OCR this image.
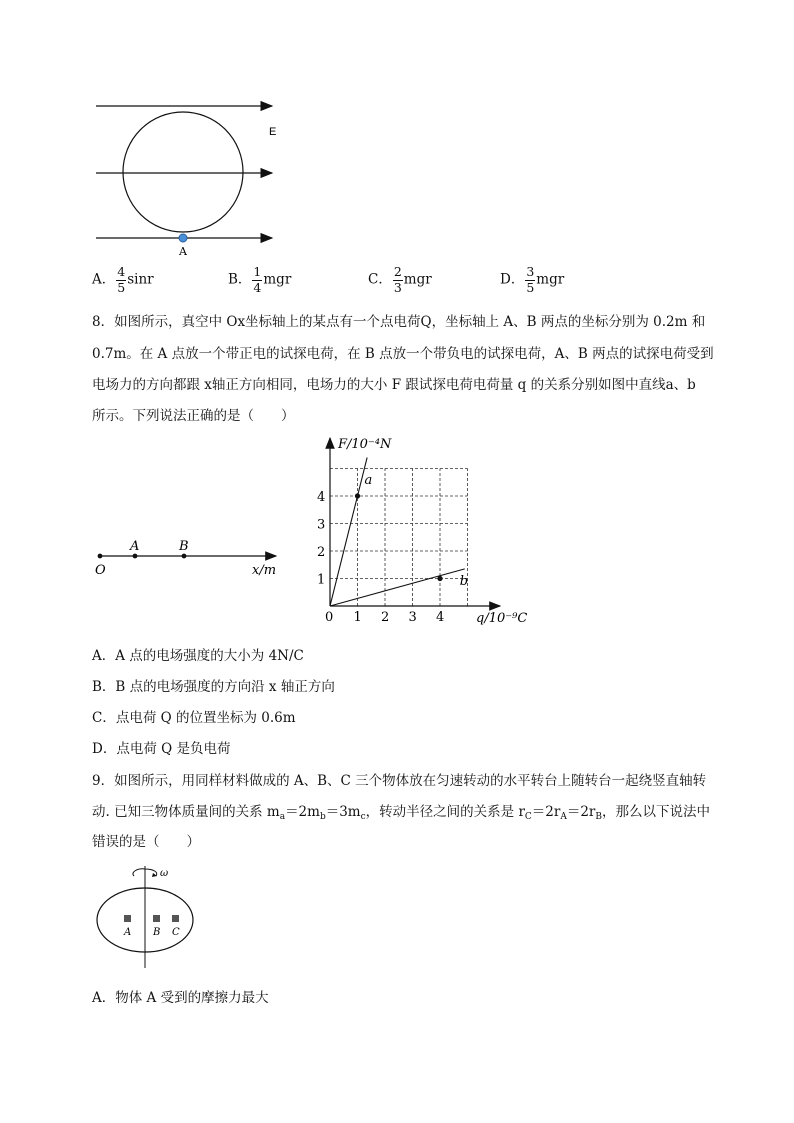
E
A
A． $\frac{4}{5}$ sinr	B． $\frac{1}{4}$ mgr	C． $\frac{2}{3}$ mgr	D． $\frac{3}{5}$ mgr
8．如图所示，真空中 Ox坐标轴上的某点有一个点电荷Q，坐标轴上 A、B 两点的坐标分别为 0.2m 和
0.7m。在 A 点放一个带正电的试探电荷，在 B 点放一个带负电的试探电荷，A、B 两点的试探电荷受到
电场力的方向都跟 x轴正方向相同，电场力的大小 F 跟试探电荷电荷量 q 的关系分别如图中直线a、b
所示。下列说法正确的是（　　）
O
A	B
x/m
F/10⁻⁴N
q/10⁻⁹C
0 1 2 3 4
1
2
3
4
a
b
A．A 点的电场强度的大小为 4N/C
B．B 点的电场强度的方向沿 x 轴正方向
C．点电荷 Q 的位置坐标为 0.6m
D．点电荷 Q 是负电荷
9．如图所示，用同样材料做成的 A、B、C 三个物体放在匀速转动的水平转台上随转台一起绕竖直轴转
动. 已知三物体质量间的关系 $m_a=2m_b=3m_c$，转动半径之间的关系是 $r_C=2r_A=2r_B$，那么以下说法中
错误的是（　　）
ω
A B C
A．物体 A 受到的摩擦力最大
